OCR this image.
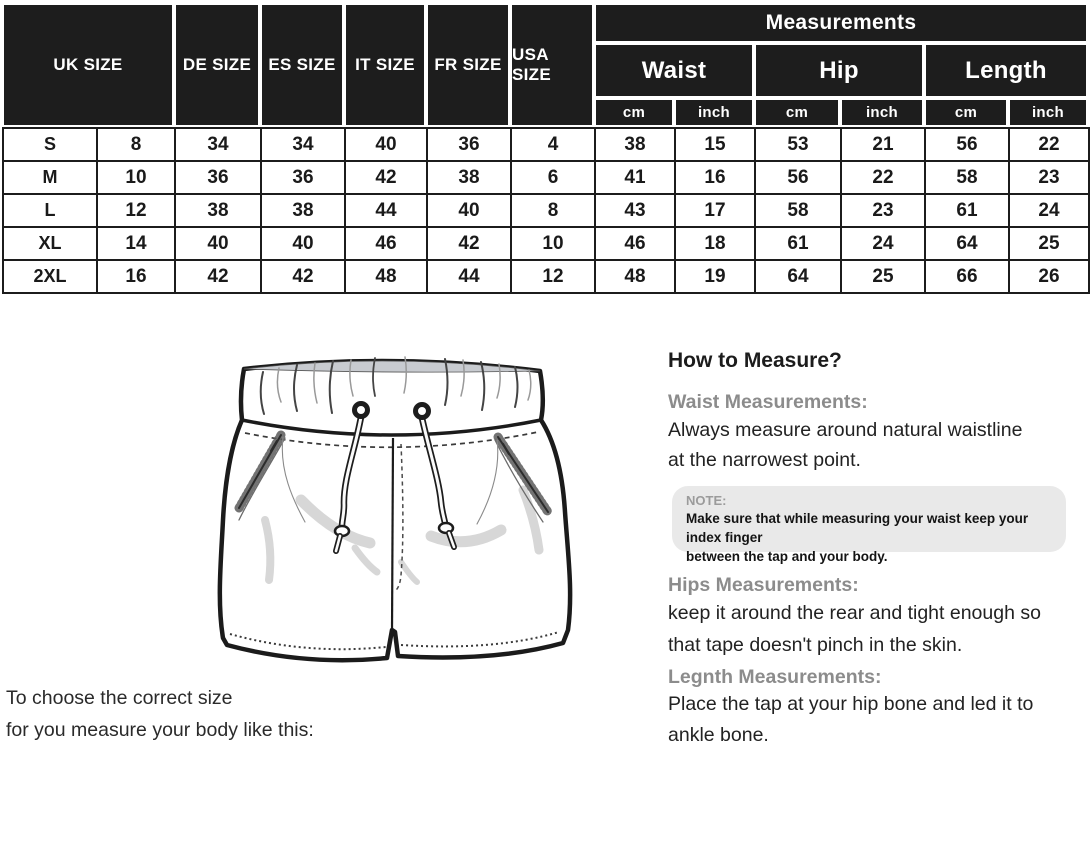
UK SIZE	DE SIZE	ES SIZE	IT SIZE	FR SIZE
USA SIZE
Measurements
Waist	Hip	Length
cm	inch	cm	inch	cm	inch
S	8	34	34	40	36	4	38	15	53	21	56	22
M	10	36	36	42	38	6	41	16	56	22	58	23
L	12	38	38	44	40	8	43	17	58	23	61	24
XL	14	40	40	46	42	10	46	18	61	24	64	25
2XL	16	42	42	48	44	12	48	19	64	25	66	26
To choose the correct size
for you measure your body like this:
How to Measure?
Waist Measurements:
Always measure around natural waistline
at the narrowest point.
NOTE:
Make sure that while measuring your waist keep your index finger
between the tap and your body.
Hips Measurements:
keep it around the rear and tight enough so
that tape doesn't pinch in the skin.
Legnth Measurements:
Place the tap at your hip bone and led it to
ankle bone.
